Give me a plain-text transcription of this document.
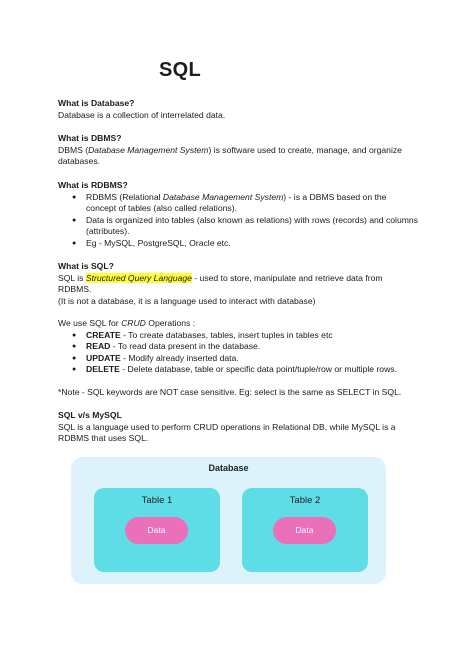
SQL
What is Database?
Database is a collection of interrelated data.
What is DBMS?
DBMS (Database Management System) is software used to create, manage, and organize databases.
What is RDBMS?
● RDBMS (Relational Database Management System) - is a DBMS based on the concept of tables (also called relations).
● Data is organized into tables (also known as relations) with rows (records) and columns (attributes).
● Eg - MySQL, PostgreSQL, Oracle etc.
What is SQL?
SQL is Structured Query Language - used to store, manipulate and retrieve data from RDBMS.
(It is not a database, it is a language used to interact with database)
We use SQL for CRUD Operations :
● CREATE - To create databases, tables, insert tuples in tables etc
● READ - To read data present in the database.
● UPDATE - Modify already inserted data.
● DELETE - Delete database, table or specific data point/tuple/row or multiple rows.
*Note - SQL keywords are NOT case sensitive. Eg: select is the same as SELECT in SQL.
SQL v/s MySQL
SQL is a language used to perform CRUD operations in Relational DB, while MySQL is a RDBMS that uses SQL.
Database
Table 1
Data
Table 2
Data
